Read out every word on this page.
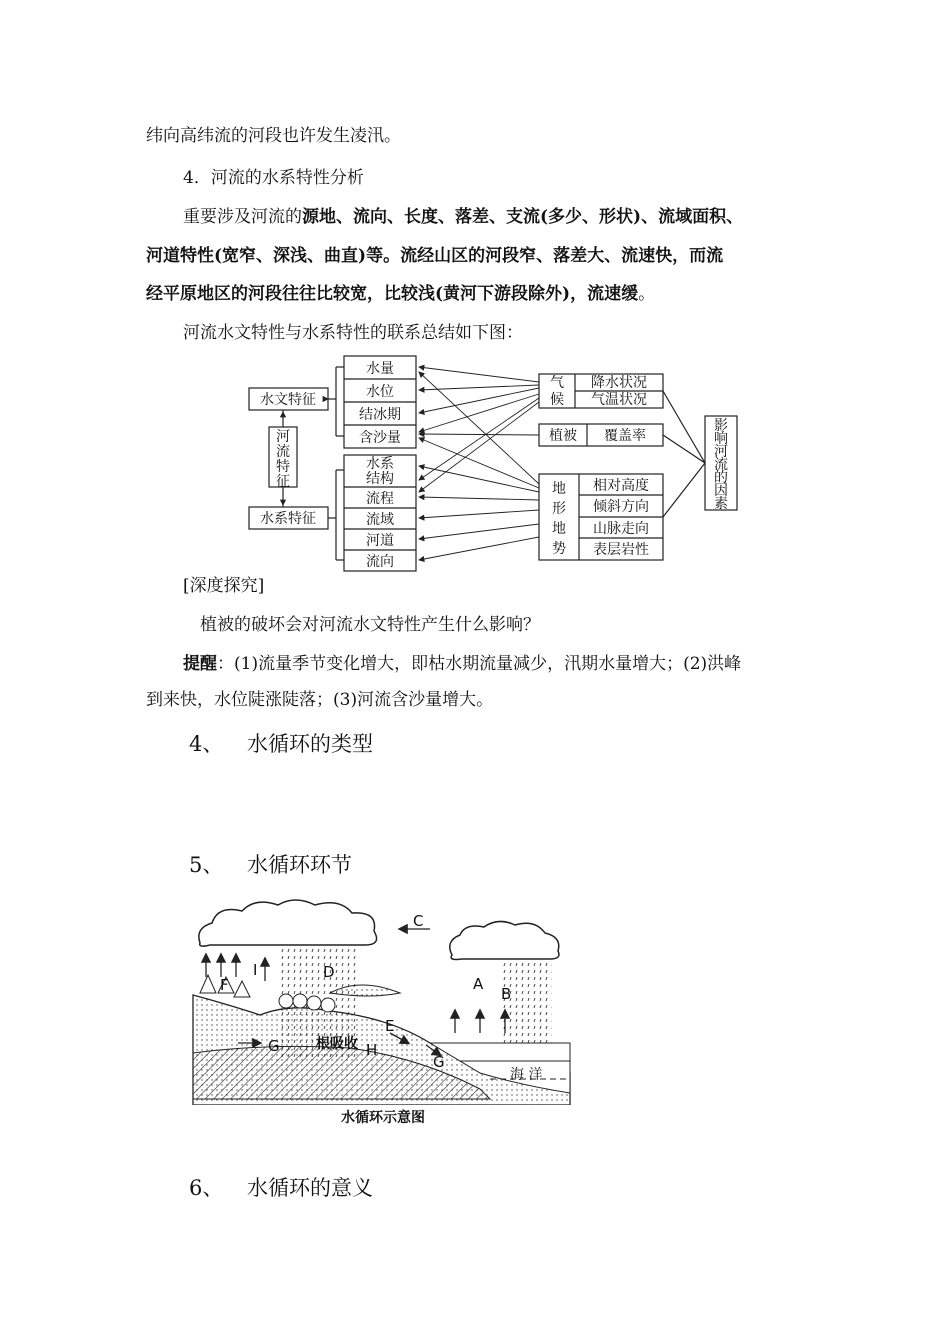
纬向高纬流的河段也许发生凌汛。
4．河流的水系特性分析
重要涉及河流的源地、流向、长度、落差、支流(多少、形状)、流域面积、
河道特性(宽窄、深浅、曲直)等。流经山区的河段窄、落差大、流速快，而流
经平原地区的河段往往比较宽，比较浅(黄河下游段除外)，流速缓。
河流水文特性与水系特性的联系总结如下图：
水文特征
水系特征
河
流
特
征
水量
水位
结冰期
含沙量
水系
结构
流程
流域
河道
流向
气
候
降水状况
气温状况
植被 覆盖率
地
形
地
势
相对高度
倾斜方向
山脉走向
表层岩性
影
响
河
流
的
因
素
[深度探究]
植被的破坏会对河流水文特性产生什么影响？
提醒：(1)流量季节变化增大，即枯水期流量减少，汛期水量增大；(2)洪峰
到来快，水位陡涨陡落；(3)河流含沙量增大。
4、 水循环的类型
5、 水循环环节
B
A
C
D
E
F
G
G
H
I
根吸收
海 洋
水循环示意图
6、 水循环的意义
